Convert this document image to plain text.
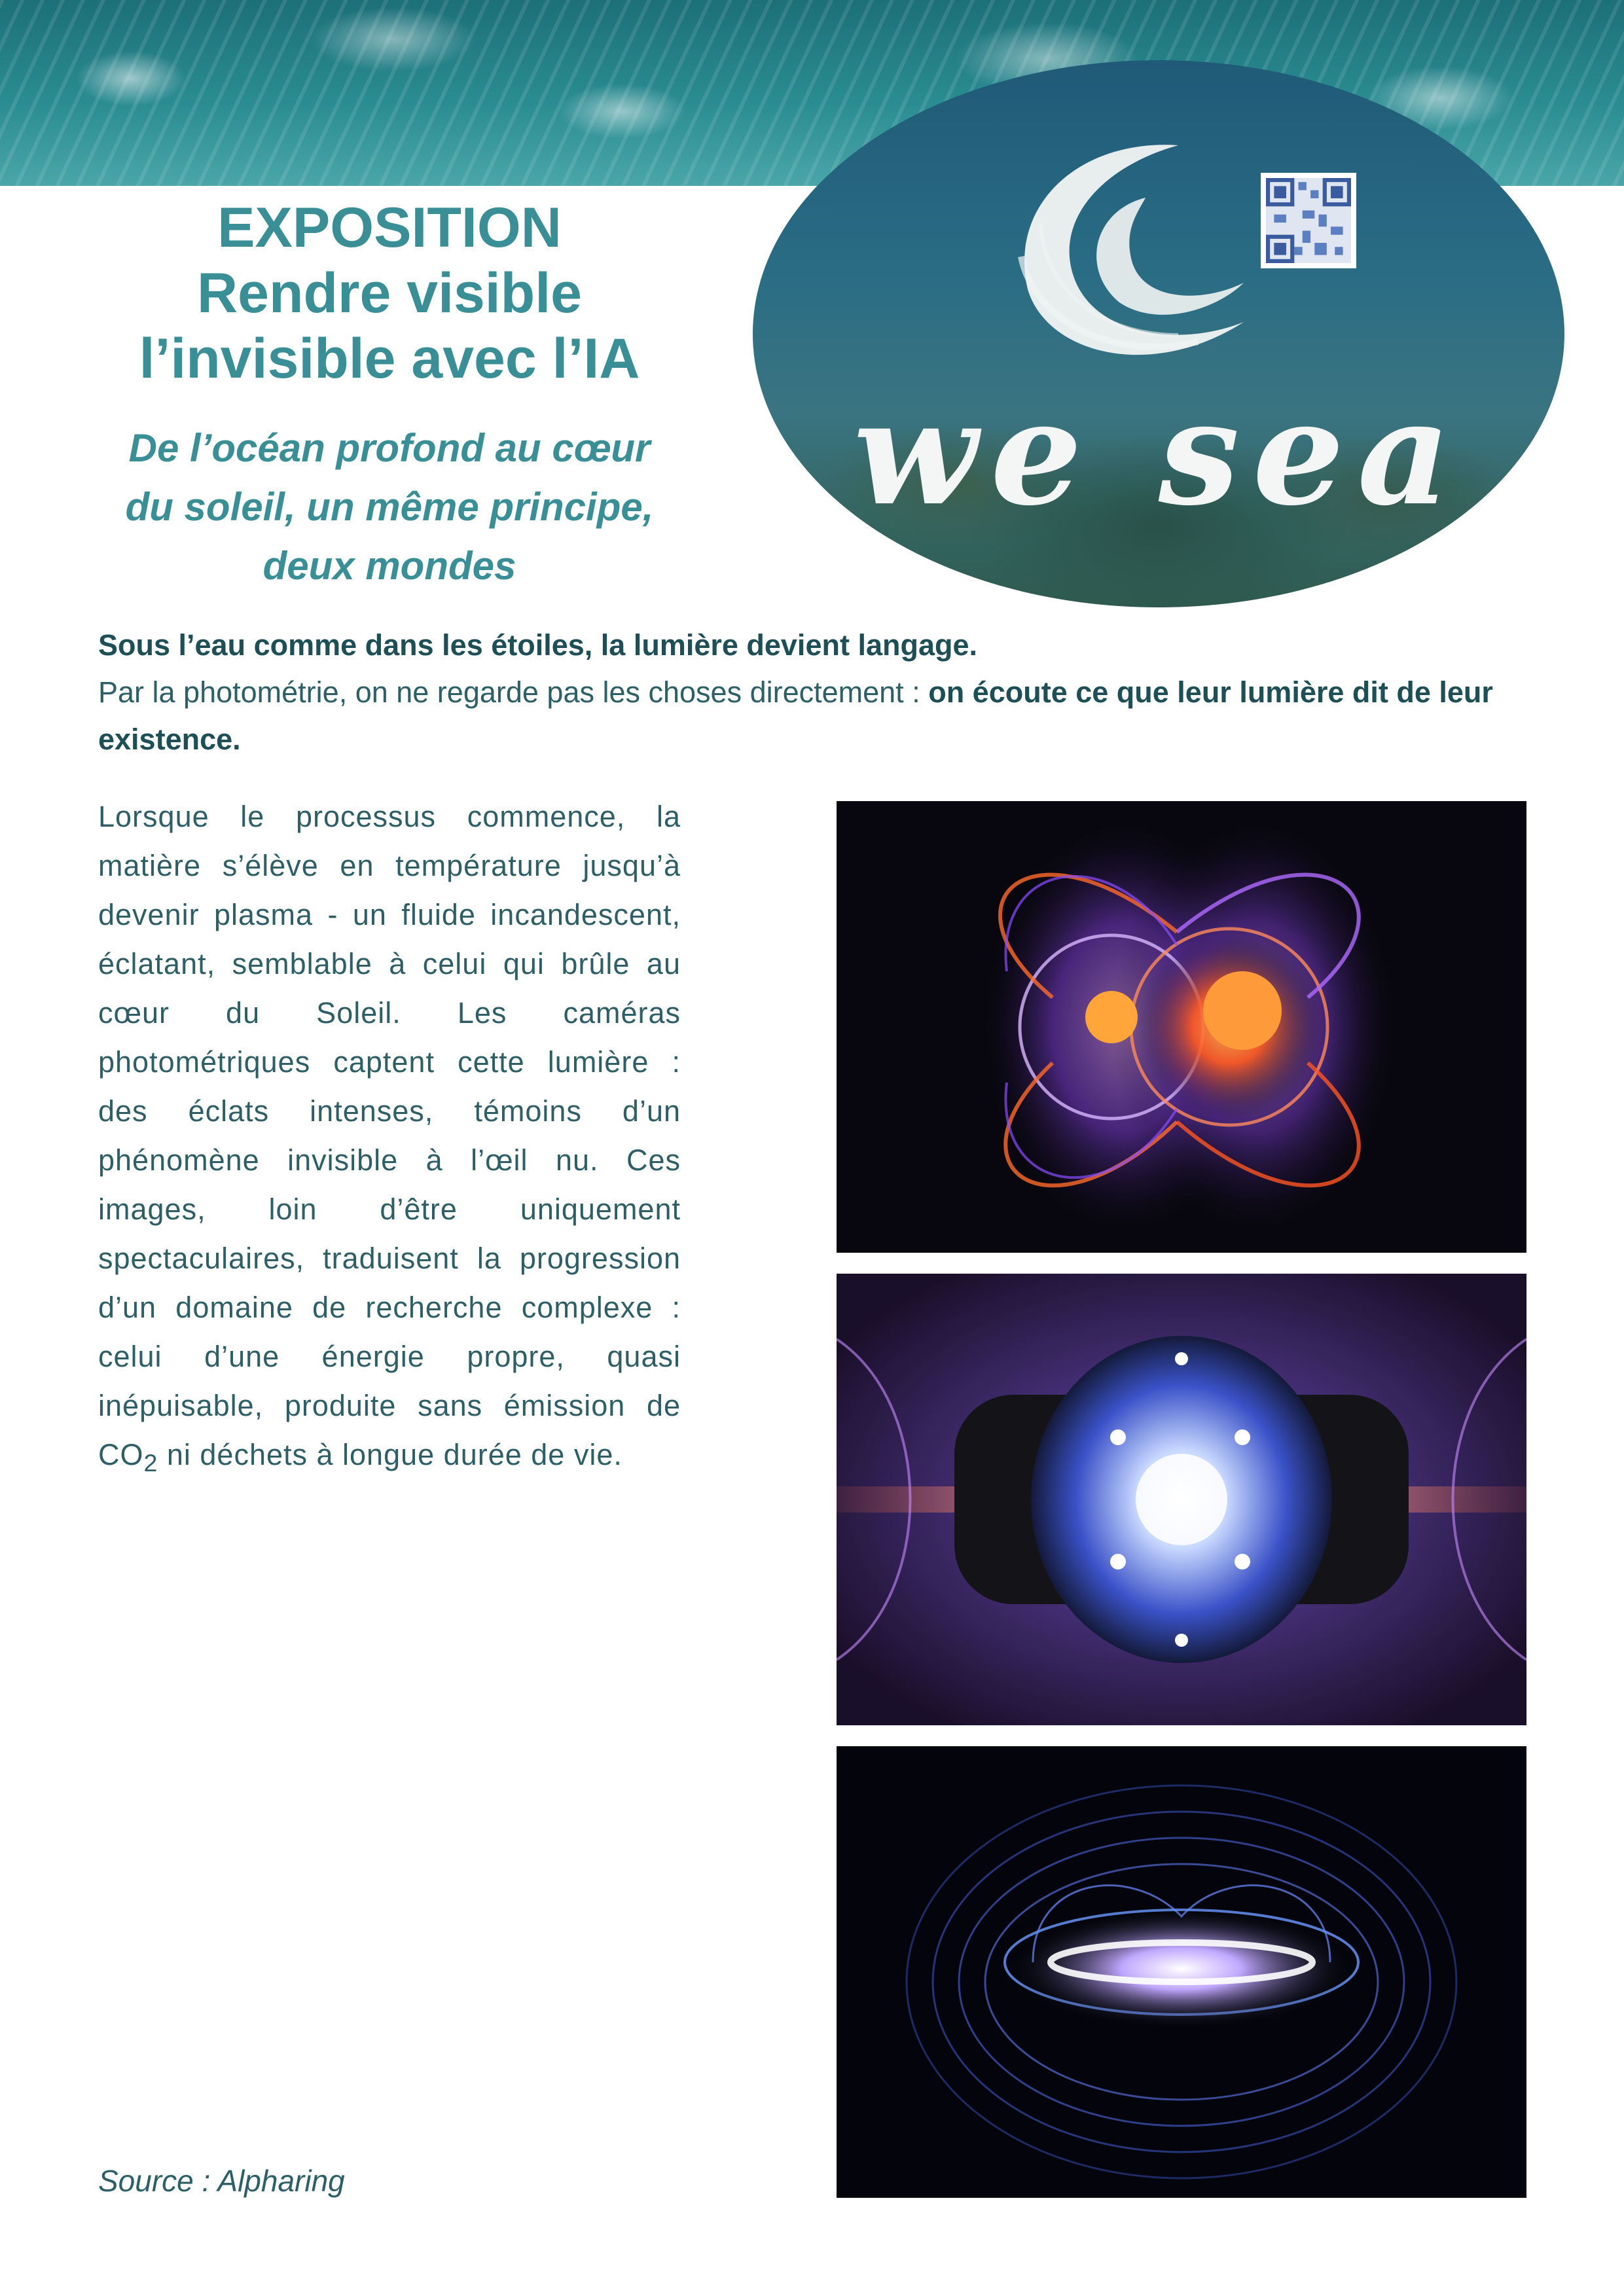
we sea
EXPOSITION
Rendre visible
l’invisible avec l’IA
De l’océan profond au cœur
du soleil, un même principe,
deux mondes
Sous l’eau comme dans les étoiles, la lumière devient langage.
Par la photométrie, on ne regarde pas les choses directement : on écoute ce que leur lumière dit de leur existence.
Lorsque le processus commence, la matière s’élève en température jusqu’à devenir plasma - un fluide incandescent, éclatant, semblable à celui qui brûle au cœur du Soleil. Les caméras photométriques captent cette lumière : des éclats intenses, témoins d’un phénomène invisible à l’œil nu. Ces images, loin d’être uniquement spectaculaires, traduisent la progression d’un domaine de recherche complexe : celui d’une énergie propre, quasi inépuisable, produite sans émission de $CO_2$ ni déchets à longue durée de vie.
Source : Alpharing
